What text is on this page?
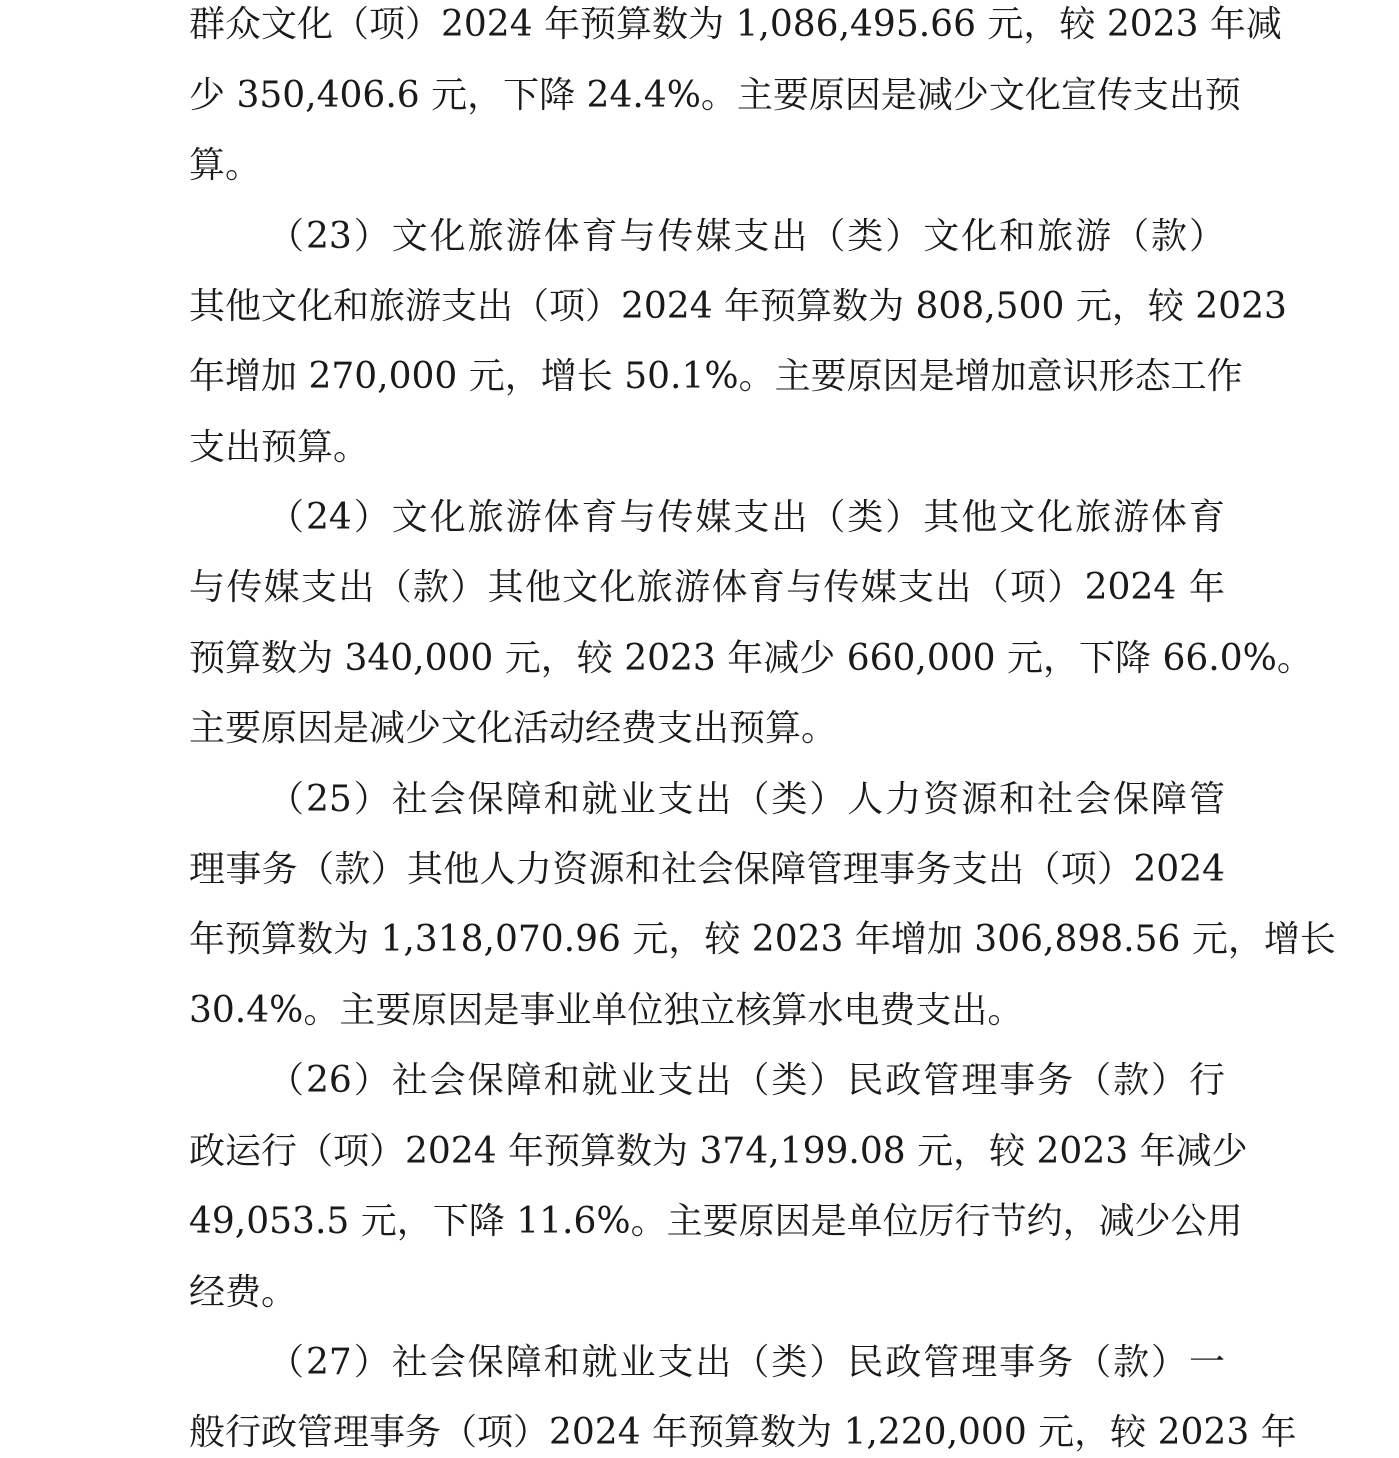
群众文化（项）2024 年预算数为 1,086,495.66 元，较 2023 年减
少 350,406.6 元，下降 24.4%。主要原因是减少文化宣传支出预
算。
（23）文化旅游体育与传媒支出（类）文化和旅游（款）
其他文化和旅游支出（项）2024 年预算数为 808,500 元，较 2023
年增加 270,000 元，增长 50.1%。主要原因是增加意识形态工作
支出预算。
（24）文化旅游体育与传媒支出（类）其他文化旅游体育
与传媒支出（款）其他文化旅游体育与传媒支出（项）2024 年
预算数为 340,000 元，较 2023 年减少 660,000 元，下降 66.0%。
主要原因是减少文化活动经费支出预算。
（25）社会保障和就业支出（类）人力资源和社会保障管
理事务（款）其他人力资源和社会保障管理事务支出（项）2024
年预算数为 1,318,070.96 元，较 2023 年增加 306,898.56 元，增长
30.4%。主要原因是事业单位独立核算水电费支出。
（26）社会保障和就业支出（类）民政管理事务（款）行
政运行（项）2024 年预算数为 374,199.08 元，较 2023 年减少
49,053.5 元，下降 11.6%。主要原因是单位厉行节约，减少公用
经费。
（27）社会保障和就业支出（类）民政管理事务（款）一
般行政管理事务（项）2024 年预算数为 1,220,000 元，较 2023 年
